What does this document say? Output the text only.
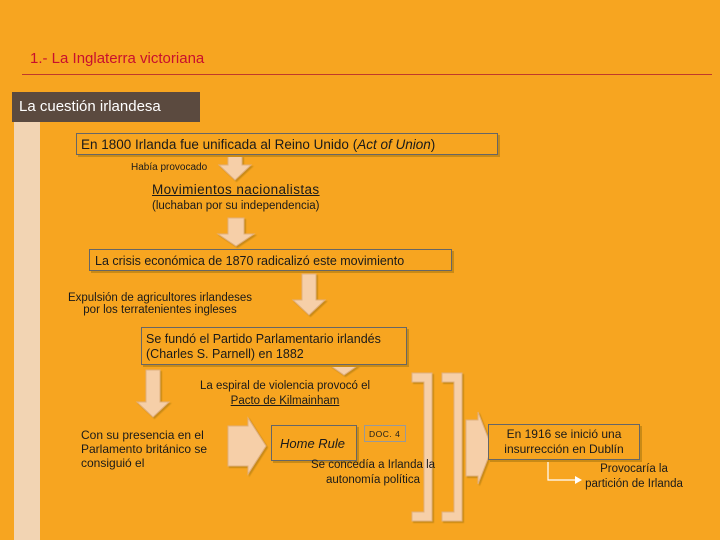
1.- La Inglaterra victoriana
La cuestión irlandesa
En 1800 Irlanda fue unificada al Reino Unido (Act of Union)
Había provocado
Movimientos nacionalistas
(luchaban por su independencia)
La crisis económica de 1870 radicalizó este movimiento
Expulsión de agricultores irlandeses
por los terratenientes ingleses
Se fundó el Partido Parlamentario irlandés
(Charles S. Parnell) en 1882
La espiral de violencia provocó el
Pacto de Kilmainham
Con su presencia en el
Parlamento británico se
consiguió el
Home Rule
DOC. 4
Se concedía a Irlanda la
autonomía política
En 1916 se inició una
insurrección en Dublín
Provocaría la
partición de Irlanda
